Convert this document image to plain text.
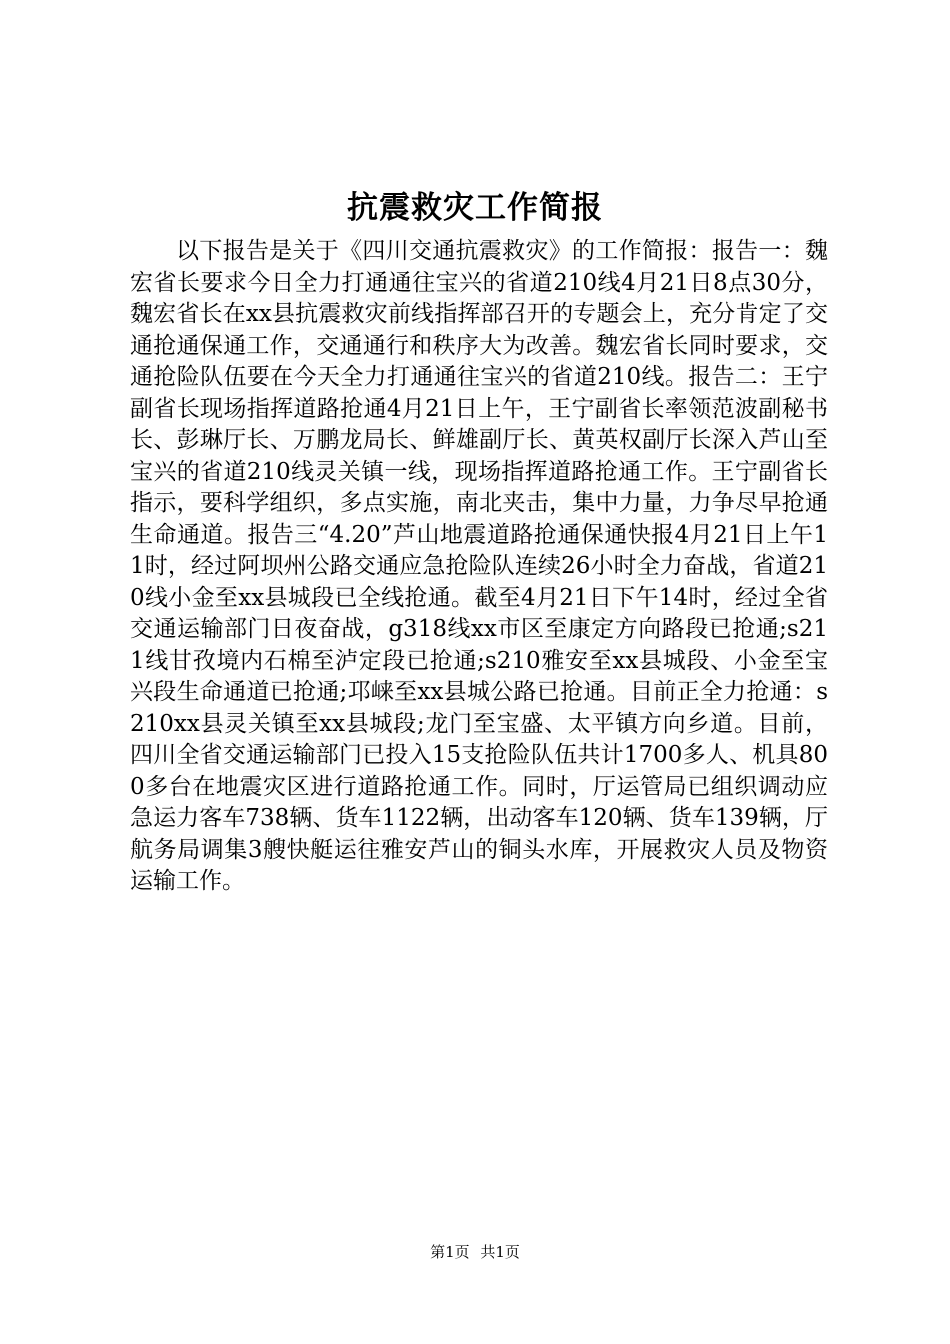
抗震救灾工作简报

以下报告是关于《四川交通抗震救灾》的工作简报：报告一：魏宏省长要求今日全力打通通往宝兴的省道210线4月21日8点30分，魏宏省长在xx县抗震救灾前线指挥部召开的专题会上，充分肯定了交通抢通保通工作，交通通行和秩序大为改善。魏宏省长同时要求，交通抢险队伍要在今天全力打通通往宝兴的省道210线。报告二：王宁副省长现场指挥道路抢通4月21日上午，王宁副省长率领范波副秘书长、彭琳厅长、万鹏龙局长、鲜雄副厅长、黄英权副厅长深入芦山至宝兴的省道210线灵关镇一线，现场指挥道路抢通工作。王宁副省长指示，要科学组织，多点实施，南北夹击，集中力量，力争尽早抢通生命通道。报告三“4.20”芦山地震道路抢通保通快报4月21日上午11时，经过阿坝州公路交通应急抢险队连续26小时全力奋战，省道210线小金至xx县城段已全线抢通。截至4月21日下午14时，经过全省交通运输部门日夜奋战，g318线xx市区至康定方向路段已抢通;s211线甘孜境内石棉至泸定段已抢通;s210雅安至xx县城段、小金至宝兴段生命通道已抢通;邛崃至xx县城公路已抢通。目前正全力抢通：s210xx县灵关镇至xx县城段;龙门至宝盛、太平镇方向乡道。目前，四川全省交通运输部门已投入15支抢险队伍共计1700多人、机具800多台在地震灾区进行道路抢通工作。同时，厅运管局已组织调动应急运力客车738辆、货车1122辆，出动客车120辆、货车139辆，厅航务局调集3艘快艇运往雅安芦山的铜头水库，开展救灾人员及物资运输工作。

第1页 共1页
